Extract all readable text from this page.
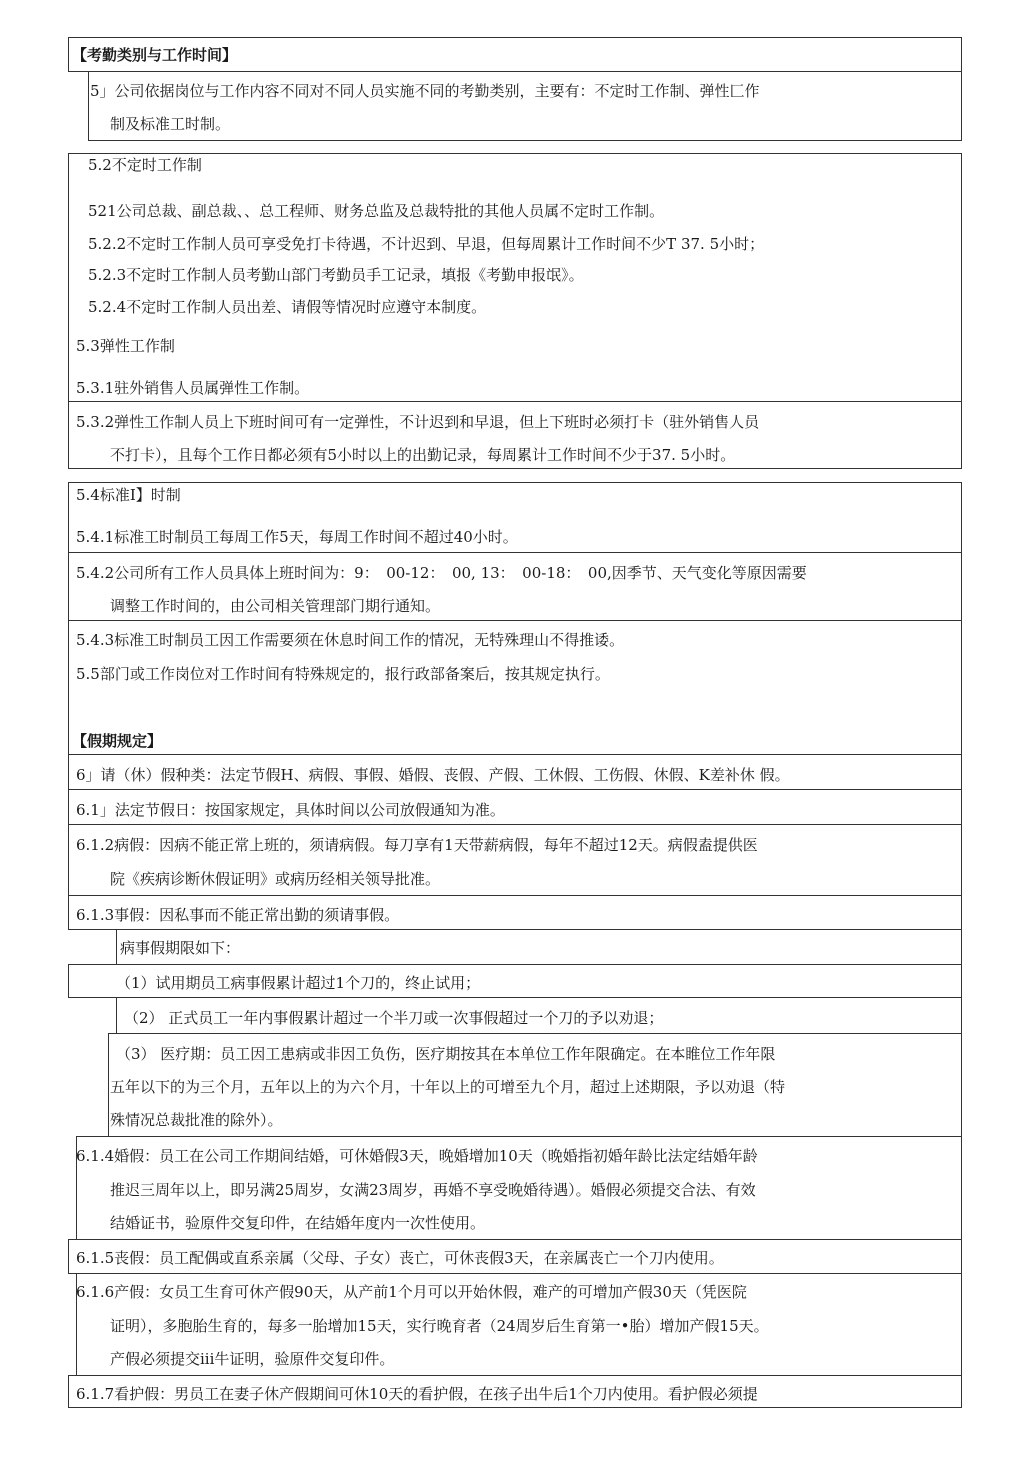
【考勤类别与工作时间】
5」公司依据岗位与工作内容不同对不同人员实施不同的考勤类别，主要有：不定时工作制、弹性匚作
制及标准工时制。
5.2不定时工作制
521公司总裁、副总裁、、总工程师、财务总监及总裁特批的其他人员属不定时工作制。
5.2.2不定时工作制人员可享受免打卡待遇，不计迟到、早退，但每周累计工作时间不少T 37. 5小时；
5.2.3不定时工作制人员考勤山部门考勤员手工记录，填报《考勤申报氓》。
5.2.4不定时工作制人员出差、请假等情况时应遵守本制度。
5.3弹性工作制
5.3.1驻外销售人员属弹性工作制。
5.3.2弹性工作制人员上下班时间可有一定弹性，不计迟到和早退，但上下班时必须打卡（驻外销售人员
不打卡），且每个工作日都必须有5小时以上的出勤记录，每周累计工作时间不少于37. 5小时。
5.4标准I】时制
5.4.1标准工时制员工每周工作5天，每周工作时间不超过40小时。
5.4.2公司所有工作人员具体上班时间为：9：　00-12：　00, 13：　00-18：　00,因季节、天气变化等原因需要
调整工作时间的，由公司相关管理部门期行通知。
5.4.3标准工时制员工因工作需要须在休息时间工作的情况，无特殊理山不得推诿。
5.5部门或工作岗位对工作时间有特殊规定的，报行政部备案后，按其规定执行。
【假期规定】
6」请（休）假种类：法定节假H、病假、事假、婚假、丧假、产假、工休假、工伤假、休假、K差补休 假。
6.1」法定节假日：按国家规定，具体时间以公司放假通知为准。
6.1.2病假：因病不能正常上班的，须请病假。每刀享有1天带薪病假，每年不超过12天。病假盍提供医
院《疾病诊断休假证明》或病历经相关领导批准。
6.1.3事假：因私事而不能正常出勤的须请事假。
病事假期限如下：
（1）试用期员工病事假累计超过1个刀的，终止试用；
（2） 正式员工一年内事假累计超过一个半刀或一次事假超过一个刀的予以劝退；
（3） 医疗期：员工因工患病或非因工负伤，医疗期按其在本单位工作年限确定。在本睢位工作年限
五年以下的为三个月，五年以上的为六个月，十年以上的可增至九个月，超过上述期限，予以劝退（特
殊情况总裁批准的除外）。
6.1.4婚假：员工在公司工作期间结婚，可休婚假3天，晚婚增加10天（晚婚指初婚年龄比法定结婚年龄
推迟三周年以上，即另满25周岁，女满23周岁，再婚不享受晚婚待遇）。婚假必须提交合法、有效
结婚证书，验原件交复印件，在结婚年度内一次性使用。
6.1.5丧假：员工配偶或直系亲属（父母、子女）丧亡，可休丧假3天，在亲属丧亡一个刀内使用。
6.1.6产假：女员工生育可休产假90天，从产前1个月可以开始休假，难产的可增加产假30天（凭医院
证明），多胞胎生育的，每多一胎增加15天，实行晚育者（24周岁后生育第一•胎）增加产假15天。
产假必须提交iii牛证明，验原件交复印件。
6.1.7看护假：男员工在妻子休产假期间可休10天的看护假，在孩子出牛后1个刀内使用。看护假必须提
